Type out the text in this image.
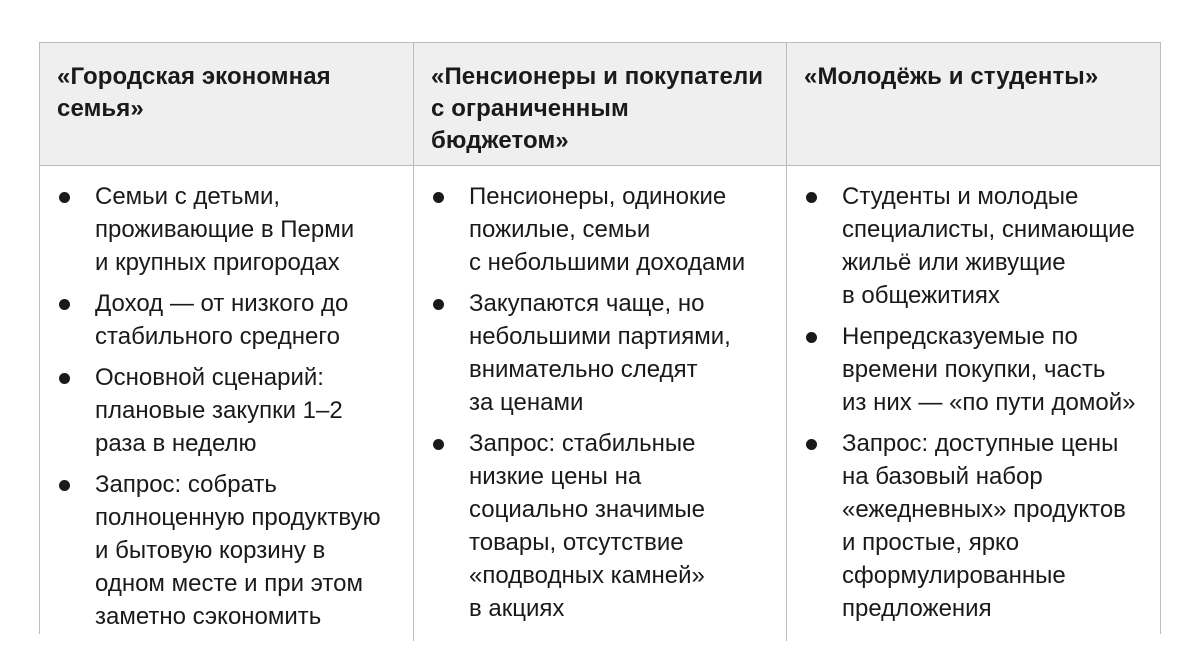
«Городская экономная
семья»
«Пенсионеры и покупатели
с ограниченным
бюджетом»
«Молодёжь и студенты»
Семьи с детьми,
проживающие в Перми
и крупных пригородах
Доход — от низкого до
стабильного среднего
Основной сценарий:
плановые закупки 1–2
раза в неделю
Запрос: собрать
полноценную продуктвую
и бытовую корзину в
одном месте и при этом
заметно сэкономить
Пенсионеры, одинокие
пожилые, семьи
с небольшими доходами
Закупаются чаще, но
небольшими партиями,
внимательно следят
за ценами
Запрос: стабильные
низкие цены на
социально значимые
товары, отсутствие
«подводных камней»
в акциях
Студенты и молодые
специалисты, снимающие
жильё или живущие
в общежитиях
Непредсказуемые по
времени покупки, часть
из них — «по пути домой»
Запрос: доступные цены
на базовый набор
«ежедневных» продуктов
и простые, ярко
сформулированные
предложения
